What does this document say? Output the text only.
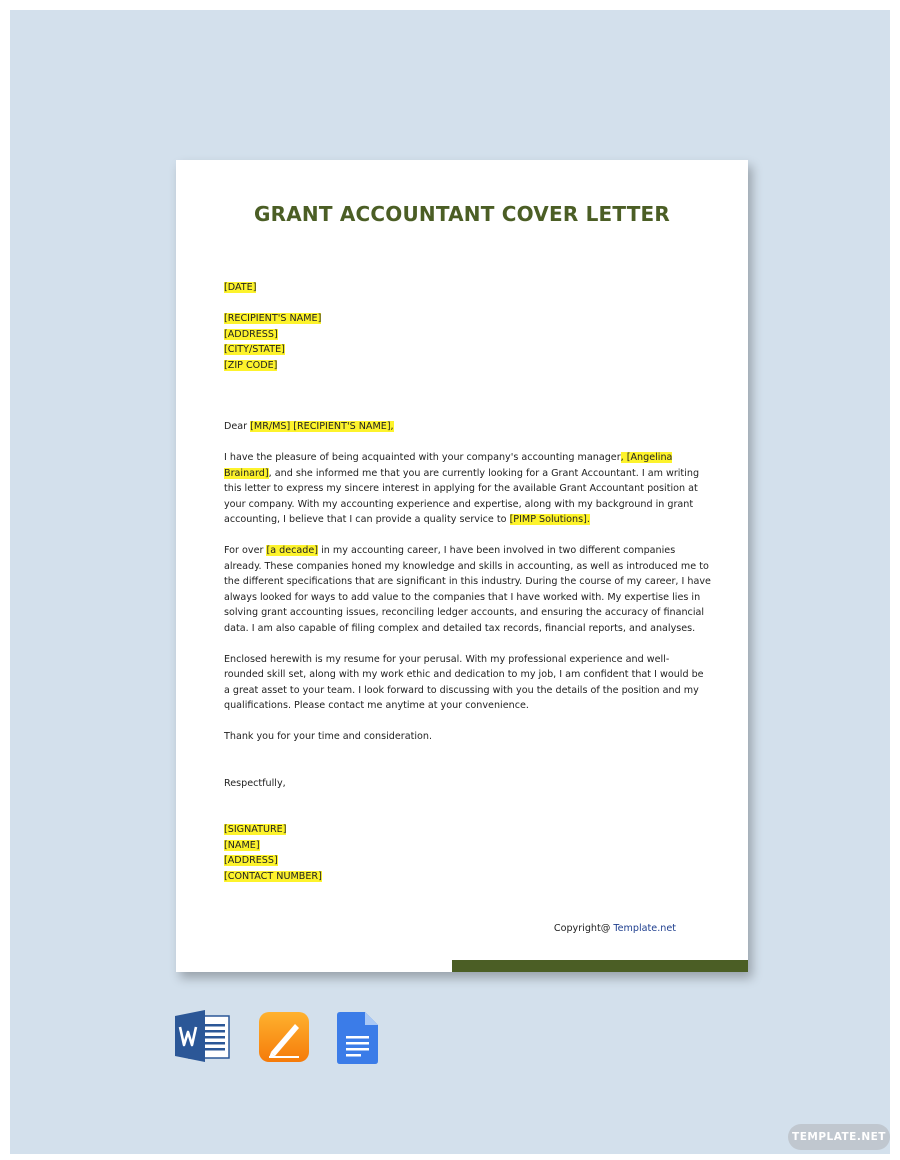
GRANT ACCOUNTANT COVER LETTER
[DATE]
[RECIPIENT'S NAME]
[ADDRESS]
[CITY/STATE]
[ZIP CODE]
Dear [MR/MS] [RECIPIENT'S NAME],
I have the pleasure of being acquainted with your company's accounting manager, [Angelina
Brainard], and she informed me that you are currently looking for a Grant Accountant. I am writing
this letter to express my sincere interest in applying for the available Grant Accountant position at
your company. With my accounting experience and expertise, along with my background in grant
accounting, I believe that I can provide a quality service to [PIMP Solutions].
For over [a decade] in my accounting career, I have been involved in two different companies
already. These companies honed my knowledge and skills in accounting, as well as introduced me to
the different specifications that are significant in this industry. During the course of my career, I have
always looked for ways to add value to the companies that I have worked with. My expertise lies in
solving grant accounting issues, reconciling ledger accounts, and ensuring the accuracy of financial
data. I am also capable of filing complex and detailed tax records, financial reports, and analyses.
Enclosed herewith is my resume for your perusal. With my professional experience and well-
rounded skill set, along with my work ethic and dedication to my job, I am confident that I would be
a great asset to your team. I look forward to discussing with you the details of the position and my
qualifications. Please contact me anytime at your convenience.
Thank you for your time and consideration.
Respectfully,
[SIGNATURE]
[NAME]
[ADDRESS]
[CONTACT NUMBER]
Copyright@ Template.net
TEMPLATE.NET
